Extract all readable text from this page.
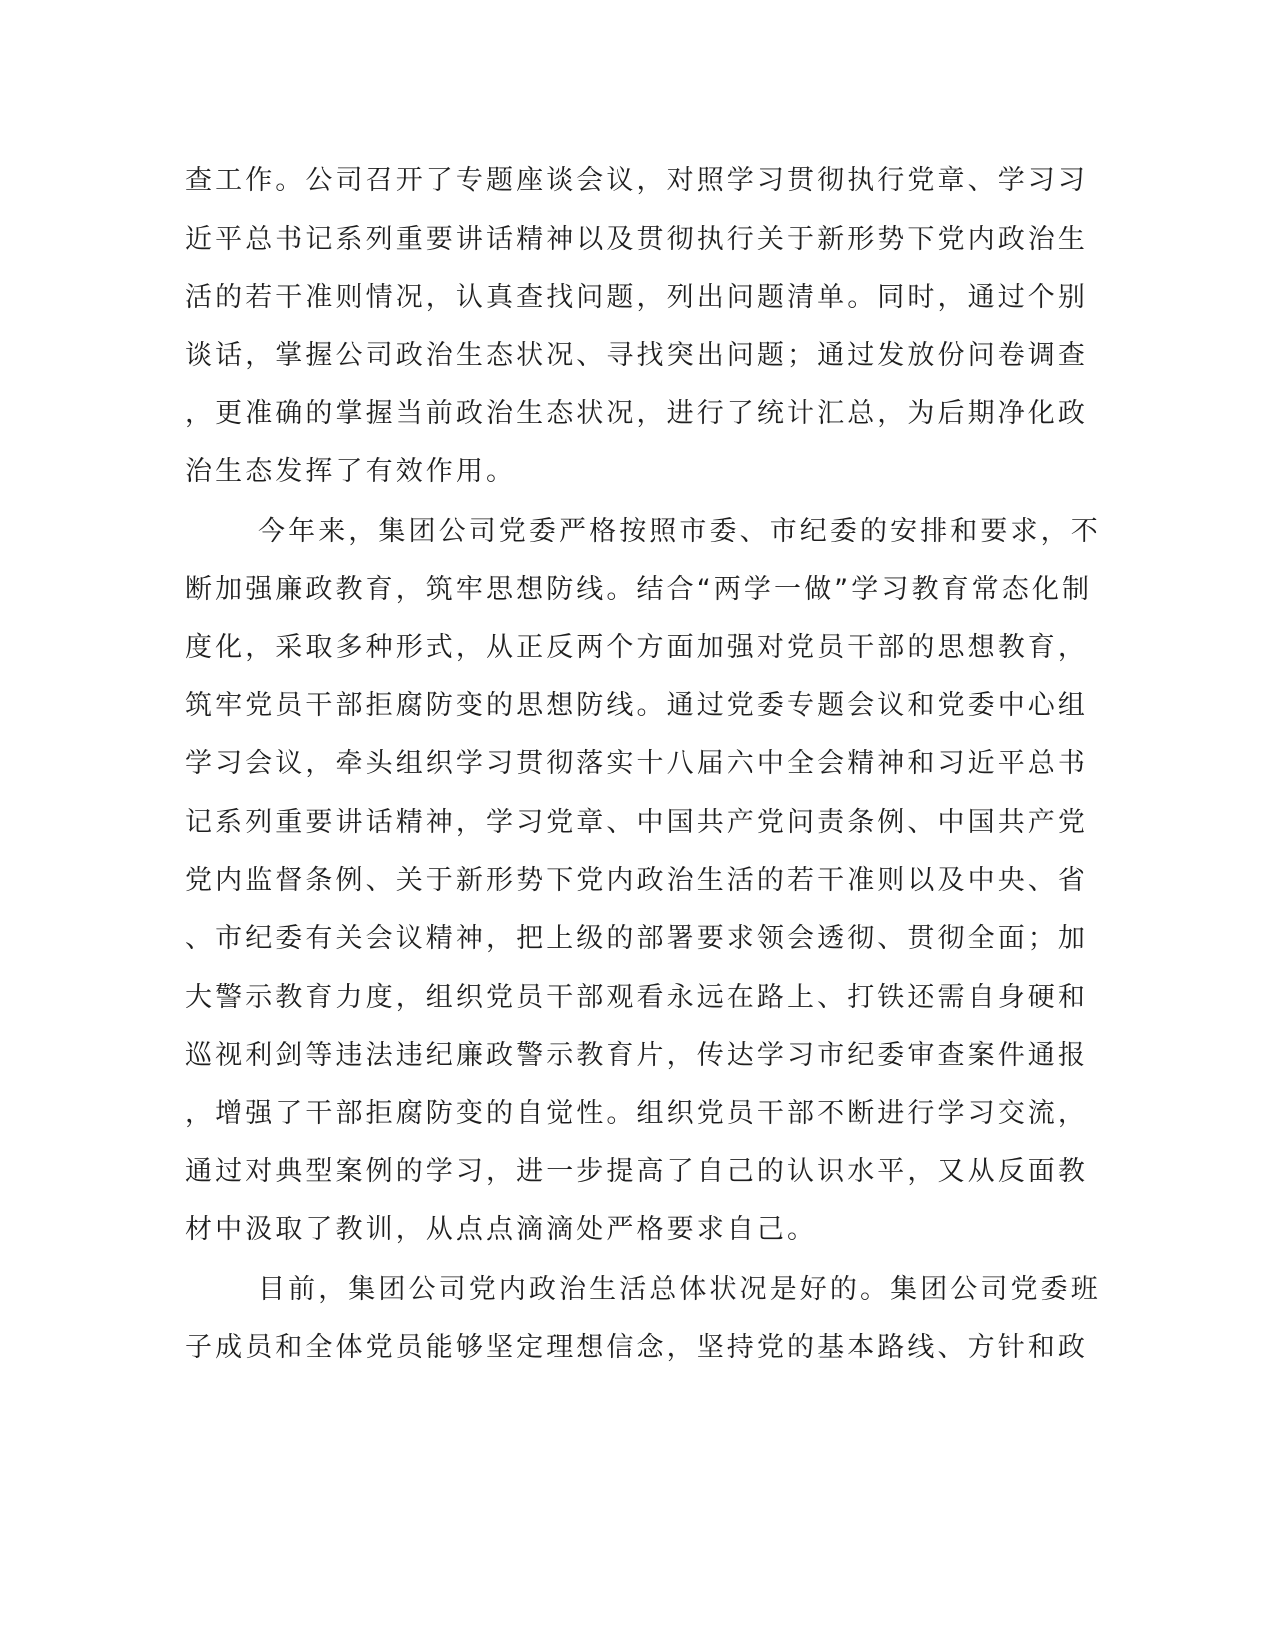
查工作。公司召开了专题座谈会议，对照学习贯彻执行党章、学习习
近平总书记系列重要讲话精神以及贯彻执行关于新形势下党内政治生
活的若干准则情况，认真查找问题，列出问题清单。同时，通过个别
谈话，掌握公司政治生态状况、寻找突出问题；通过发放份问卷调查
，更准确的掌握当前政治生态状况，进行了统计汇总，为后期净化政
治生态发挥了有效作用。
今年来，集团公司党委严格按照市委、市纪委的安排和要求，不
断加强廉政教育，筑牢思想防线。结合“两学一做”学习教育常态化制
度化，采取多种形式，从正反两个方面加强对党员干部的思想教育，
筑牢党员干部拒腐防变的思想防线。通过党委专题会议和党委中心组
学习会议，牵头组织学习贯彻落实十八届六中全会精神和习近平总书
记系列重要讲话精神，学习党章、中国共产党问责条例、中国共产党
党内监督条例、关于新形势下党内政治生活的若干准则以及中央、省
、市纪委有关会议精神，把上级的部署要求领会透彻、贯彻全面；加
大警示教育力度，组织党员干部观看永远在路上、打铁还需自身硬和
巡视利剑等违法违纪廉政警示教育片，传达学习市纪委审查案件通报
，增强了干部拒腐防变的自觉性。组织党员干部不断进行学习交流，
通过对典型案例的学习，进一步提高了自己的认识水平，又从反面教
材中汲取了教训，从点点滴滴处严格要求自己。
目前，集团公司党内政治生活总体状况是好的。集团公司党委班
子成员和全体党员能够坚定理想信念，坚持党的基本路线、方针和政
